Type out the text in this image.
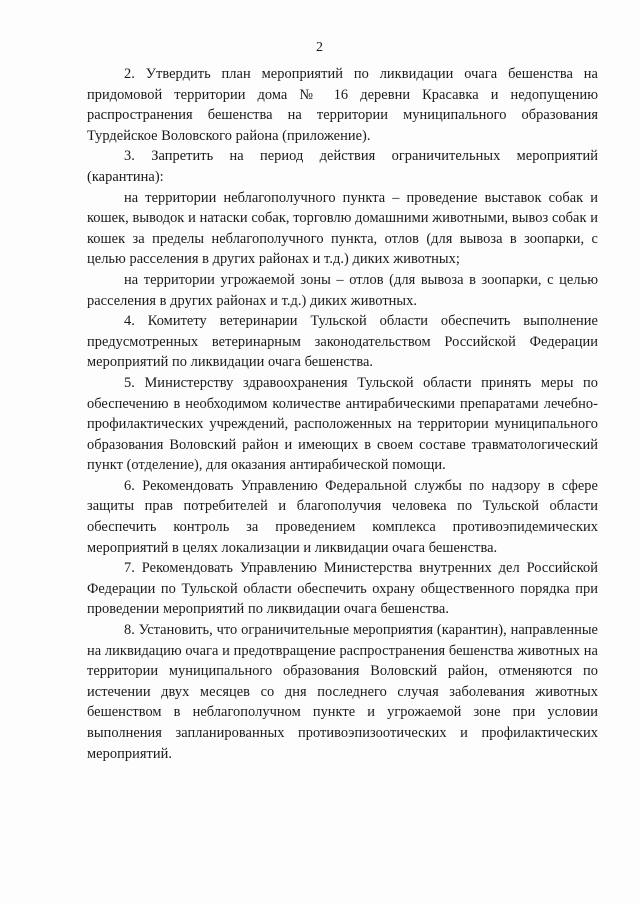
2

2. Утвердить план мероприятий по ликвидации очага бешенства на придомовой территории дома № 16 деревни Красавка и недопущению распространения бешенства на территории муниципального образования Турдейское Воловского района (приложение).

3. Запретить на период действия ограничительных мероприятий (карантина):

на территории неблагополучного пункта – проведение выставок собак и кошек, выводок и натаски собак, торговлю домашними животными, вывоз собак и кошек за пределы неблагополучного пункта, отлов (для вывоза в зоопарки, с целью расселения в других районах и т.д.) диких животных;

на территории угрожаемой зоны – отлов (для вывоза в зоопарки, с целью расселения в других районах и т.д.) диких животных.

4. Комитету ветеринарии Тульской области обеспечить выполнение предусмотренных ветеринарным законодательством Российской Федерации мероприятий по ликвидации очага бешенства.

5. Министерству здравоохранения Тульской области принять меры по обеспечению в необходимом количестве антирабическими препаратами лечебно-профилактических учреждений, расположенных на территории муниципального образования Воловский район и имеющих в своем составе травматологический пункт (отделение), для оказания антирабической помощи.

6. Рекомендовать Управлению Федеральной службы по надзору в сфере защиты прав потребителей и благополучия человека по Тульской области обеспечить контроль за проведением комплекса противоэпидемических мероприятий в целях локализации и ликвидации очага бешенства.

7. Рекомендовать Управлению Министерства внутренних дел Российской Федерации по Тульской области обеспечить охрану общественного порядка при проведении мероприятий по ликвидации очага бешенства.

8. Установить, что ограничительные мероприятия (карантин), направленные на ликвидацию очага и предотвращение распространения бешенства животных на территории муниципального образования Воловский район, отменяются по истечении двух месяцев со дня последнего случая заболевания животных бешенством в неблагополучном пункте и угрожаемой зоне при условии выполнения запланированных противоэпизоотических и профилактических мероприятий.
